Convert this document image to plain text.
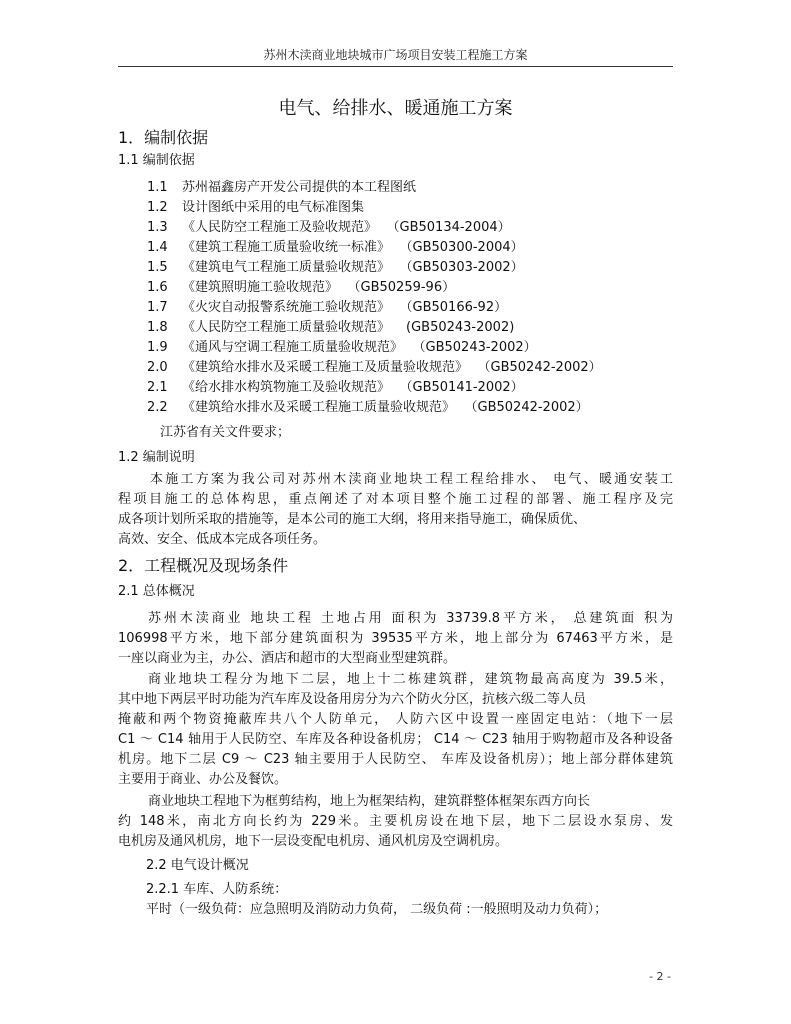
苏州木渎商业地块城市广场项目安装工程施工方案
电气、给排水、暖通施工方案
1．编制依据
1.1 编制依据
1.1 苏州福鑫房产开发公司提供的本工程图纸
1.2 设计图纸中采用的电气标准图集
1.3 《人民防空工程施工及验收规范》 （GB50134-2004）
1.4 《建筑工程施工质量验收统一标准》 （GB50300-2004）
1.5 《建筑电气工程施工质量验收规范》 （GB50303-2002）
1.6 《建筑照明施工验收规范》 （GB50259-96）
1.7 《火灾自动报警系统施工验收规范》 （GB50166-92）
1.8 《人民防空工程施工质量验收规范》 (GB50243-2002)
1.9 《通风与空调工程施工质量验收规范》 （GB50243-2002）
2.0 《建筑给水排水及采暖工程施工及质量验收规范》 （GB50242-2002）
2.1 《给水排水构筑物施工及验收规范》 （GB50141-2002）
2.2 《建筑给水排水及采暖工程施工质量验收规范》 （GB50242-2002）
江苏省有关文件要求；
1.2 编制说明
本施工方案为我公司对苏州木渎商业地块工程工程给排水、 电气、暖通安装工
程项目施工的总体构思，重点阐述了对本项目整个施工过程的部署、施工程序及完
成各项计划所采取的措施等，是本公司的施工大纲，将用来指导施工，确保质优、
高效、安全、低成本完成各项任务。
2．工程概况及现场条件
2.1 总体概况
苏州木渎商业 地块工程 土地占用 面积为 33739.8平方米， 总建筑面 积为
106998平方米，地下部分建筑面积为 39535平方米，地上部分为 67463平方米，是
一座以商业为主，办公、酒店和超市的大型商业型建筑群。
商业地块工程分为地下二层，地上十二栋建筑群，建筑物最高高度为 39.5米，
其中地下两层平时功能为汽车库及设备用房分为六个防火分区，抗核六级二等人员
掩蔽和两个物资掩蔽库共八个人防单元， 人防六区中设置一座固定电站：（地下一层
C1 ～ C14 轴用于人民防空、车库及各种设备机房； C14 ～ C23 轴用于购物超市及各种设备
机房。地下二层 C9 ～ C23 轴主要用于人民防空、 车库及设备机房）；地上部分群体建筑
主要用于商业、办公及餐饮。
商业地块工程地下为框剪结构，地上为框架结构，建筑群整体框架东西方向长
约 148米，南北方向长约为 229米。主要机房设在地下层，地下二层设水泵房、发
电机房及通风机房，地下一层设变配电机房、通风机房及空调机房。
2.2 电气设计概况
2.2.1 车库、人防系统：
平时（一级负荷：应急照明及消防动力负荷， 二级负荷 :一般照明及动力负荷）；
- 2 -
